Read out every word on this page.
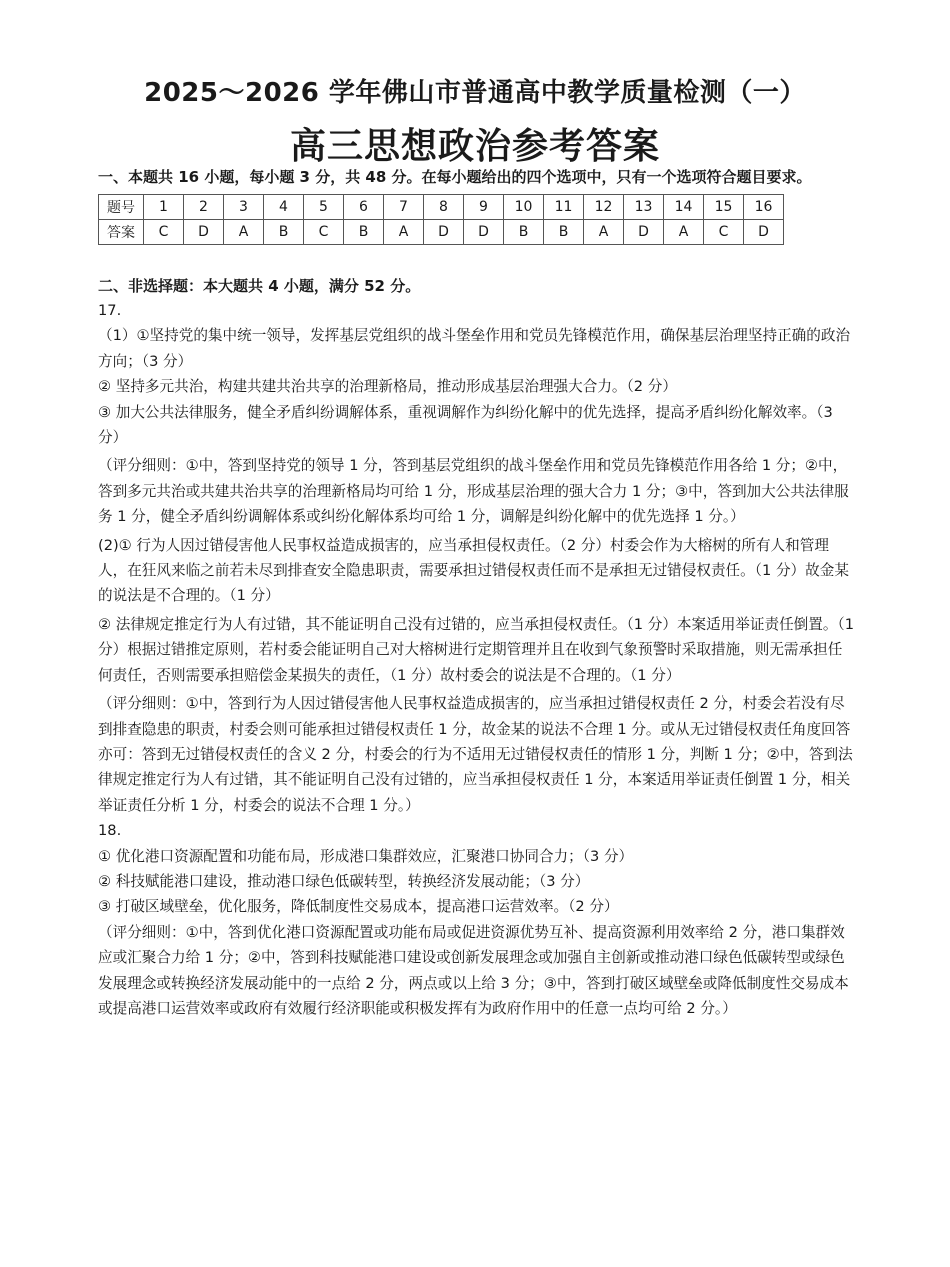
2025～2026 学年佛山市普通高中教学质量检测（一）
高三思想政治参考答案
一、本题共 16 小题，每小题 3 分，共 48 分。在每小题给出的四个选项中，只有一个选项符合题目要求。
题号	1	2	3	4	5	6	7	8	9	10	11	12	13	14	15	16
答案	C	D	A	B	C	B	A	D	D	B	B	A	D	A	C	D
二、非选择题：本大题共 4 小题，满分 52 分。

17.

（1）①坚持党的集中统一领导，发挥基层党组织的战斗堡垒作用和党员先锋模范作用，确保基层治理坚持正确的政治方向；（3 分）

② 坚持多元共治，构建共建共治共享的治理新格局，推动形成基层治理强大合力。（2 分）

③ 加大公共法律服务，健全矛盾纠纷调解体系，重视调解作为纠纷化解中的优先选择，提高矛盾纠纷化解效率。（3 分）

（评分细则：①中，答到坚持党的领导 1 分，答到基层党组织的战斗堡垒作用和党员先锋模范作用各给 1 分；②中，答到多元共治或共建共治共享的治理新格局均可给 1 分，形成基层治理的强大合力 1 分；③中，答到加大公共法律服务 1 分，健全矛盾纠纷调解体系或纠纷化解体系均可给 1 分，调解是纠纷化解中的优先选择 1 分。）

(2)① 行为人因过错侵害他人民事权益造成损害的，应当承担侵权责任。（2 分）村委会作为大榕树的所有人和管理人，在狂风来临之前若未尽到排查安全隐患职责，需要承担过错侵权责任而不是承担无过错侵权责任。（1 分）故金某的说法是不合理的。（1 分）

② 法律规定推定行为人有过错，其不能证明自己没有过错的，应当承担侵权责任。（1 分）本案适用举证责任倒置。（1 分）根据过错推定原则，若村委会能证明自己对大榕树进行定期管理并且在收到气象预警时采取措施，则无需承担任何责任，否则需要承担赔偿金某损失的责任，（1 分）故村委会的说法是不合理的。（1 分）

（评分细则：①中，答到行为人因过错侵害他人民事权益造成损害的，应当承担过错侵权责任 2 分，村委会若没有尽到排查隐患的职责，村委会则可能承担过错侵权责任 1 分，故金某的说法不合理 1 分。或从无过错侵权责任角度回答亦可：答到无过错侵权责任的含义 2 分，村委会的行为不适用无过错侵权责任的情形 1 分，判断 1 分；②中，答到法律规定推定行为人有过错，其不能证明自己没有过错的，应当承担侵权责任 1 分，本案适用举证责任倒置 1 分，相关举证责任分析 1 分，村委会的说法不合理 1 分。）

18.

① 优化港口资源配置和功能布局，形成港口集群效应，汇聚港口协同合力；（3 分）

② 科技赋能港口建设，推动港口绿色低碳转型，转换经济发展动能；（3 分）

③ 打破区域壁垒，优化服务，降低制度性交易成本，提高港口运营效率。（2 分）

（评分细则：①中，答到优化港口资源配置或功能布局或促进资源优势互补、提高资源利用效率给 2 分，港口集群效应或汇聚合力给 1 分；②中，答到科技赋能港口建设或创新发展理念或加强自主创新或推动港口绿色低碳转型或绿色发展理念或转换经济发展动能中的一点给 2 分，两点或以上给 3 分；③中，答到打破区域壁垒或降低制度性交易成本或提高港口运营效率或政府有效履行经济职能或积极发挥有为政府作用中的任意一点均可给 2 分。）
